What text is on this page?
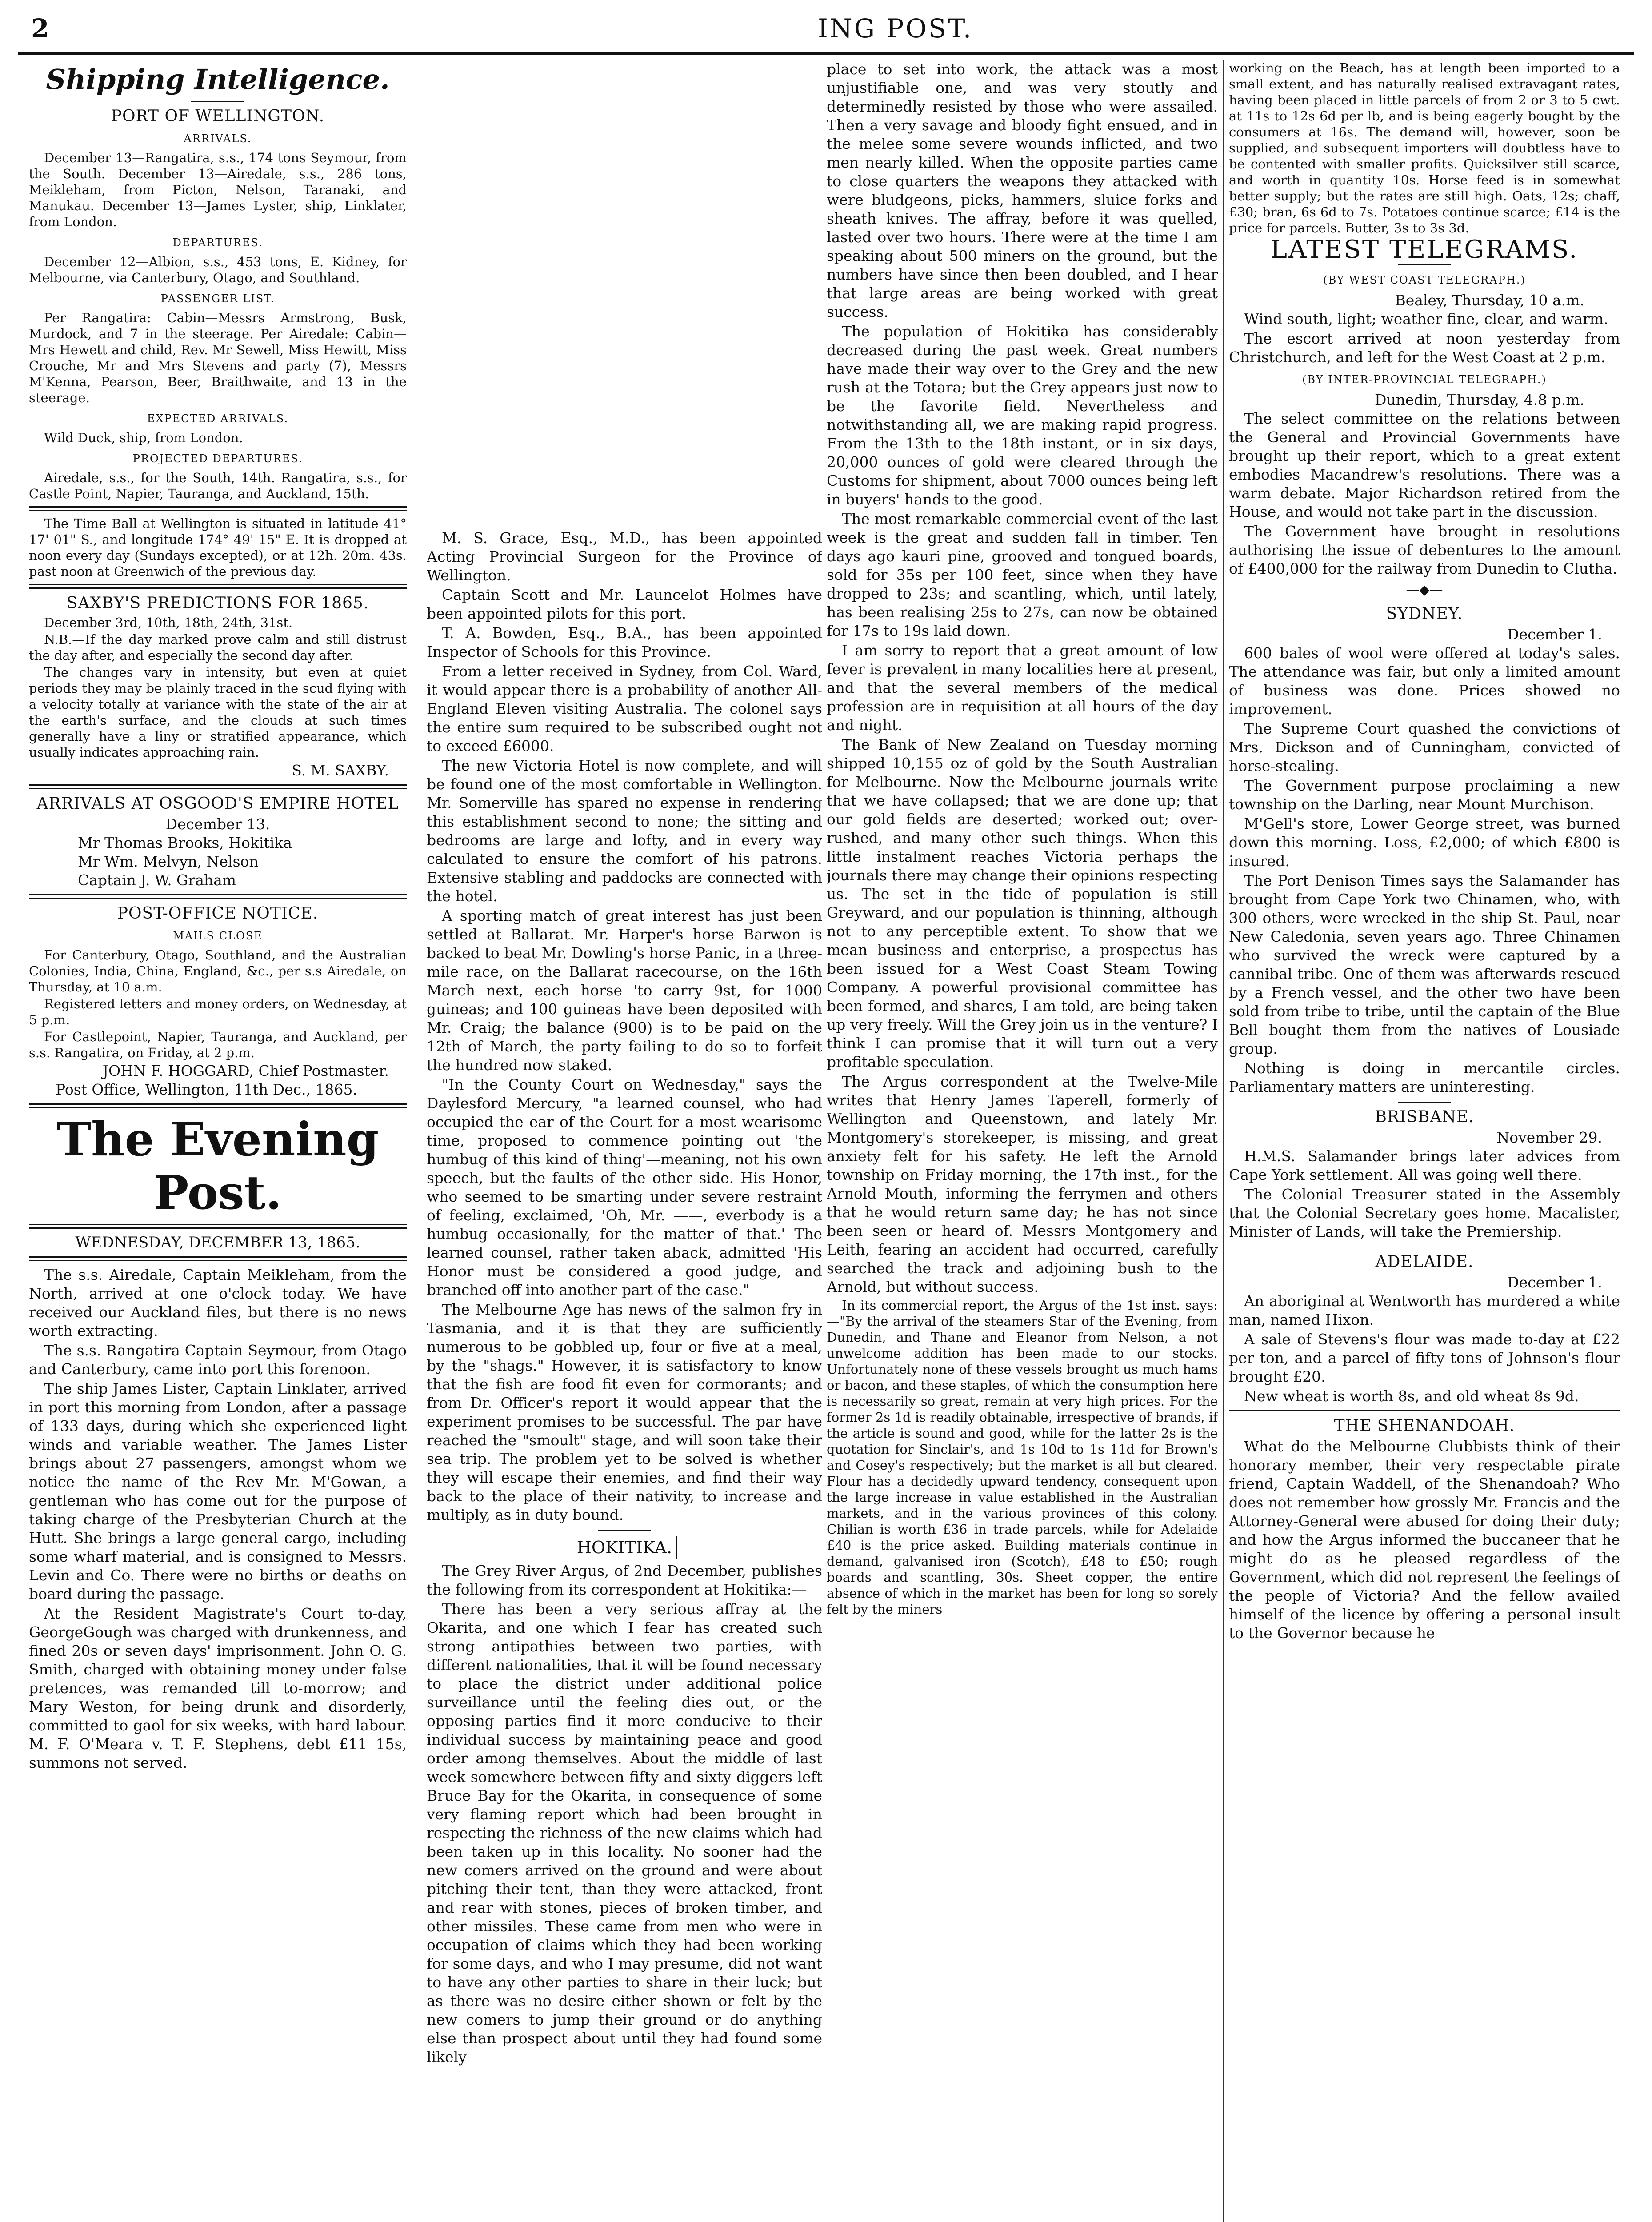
2	ING POST.
Shipping Intelligence.
PORT OF WELLINGTON.
ARRIVALS.

December 13—Rangatira, s.s., 174 tons Seymour, from the South. December 13—Airedale, s.s., 286 tons, Meikleham, from Picton, Nelson, Taranaki, and Manukau. December 13—James Lyster, ship, Linklater, from London.

DEPARTURES.

December 12—Albion, s.s., 453 tons, E. Kidney, for Melbourne, via Canterbury, Otago, and Southland.

PASSENGER LIST.

Per Rangatira: Cabin—Messrs Armstrong, Busk, Murdock, and 7 in the steerage. Per Airedale: Cabin—Mrs Hewett and child, Rev. Mr Sewell, Miss Hewitt, Miss Crouche, Mr and Mrs Stevens and party (7), Messrs M'Kenna, Pearson, Beer, Braithwaite, and 13 in the steerage.

EXPECTED ARRIVALS.

Wild Duck, ship, from London.

PROJECTED DEPARTURES.

Airedale, s.s., for the South, 14th. Rangatira, s.s., for Castle Point, Napier, Tauranga, and Auckland, 15th.

The Time Ball at Wellington is situated in latitude 41° 17' 01" S., and longitude 174° 49' 15" E. It is dropped at noon every day (Sundays excepted), or at 12h. 20m. 43s. past noon at Greenwich of the previous day.

SAXBY'S PREDICTIONS FOR 1865.

December 3rd, 10th, 18th, 24th, 31st.

N.B.—If the day marked prove calm and still distrust the day after, and especially the second day after.

The changes vary in intensity, but even at quiet periods they may be plainly traced in the scud flying with a velocity totally at variance with the state of the air at the earth's surface, and the clouds at such times generally have a liny or stratified appearance, which usually indicates approaching rain.

S. M. SAXBY.
ARRIVALS AT OSGOOD'S EMPIRE HOTEL
December 13.
Mr Thomas Brooks, Hokitika
Mr Wm. Melvyn, Nelson
Captain J. W. Graham
POST-OFFICE NOTICE.
MAILS CLOSE

For Canterbury, Otago, Southland, and the Australian Colonies, India, China, England, &c., per s.s Airedale, on Thursday, at 10 a.m.

Registered letters and money orders, on Wednesday, at 5 p.m.

For Castlepoint, Napier, Tauranga, and Auckland, per s.s. Rangatira, on Friday, at 2 p.m.

JOHN F. HOGGARD, Chief Postmaster.
Post Office, Wellington, 11th Dec., 1865.
The Evening Post.
WEDNESDAY, DECEMBER 13, 1865.

The s.s. Airedale, Captain Meikleham, from the North, arrived at one o'clock today. We have received our Auckland files, but there is no news worth extracting.

The s.s. Rangatira Captain Seymour, from Otago and Canterbury, came into port this forenoon.

The ship James Lister, Captain Linklater, arrived in port this morning from London, after a passage of 133 days, during which she experienced light winds and variable weather. The James Lister brings about 27 passengers, amongst whom we notice the name of the Rev Mr. M'Gowan, a gentleman who has come out for the purpose of taking charge of the Presbyterian Church at the Hutt. She brings a large general cargo, including some wharf material, and is consigned to Messrs. Levin and Co. There were no births or deaths on board during the passage.

At the Resident Magistrate's Court to-day, GeorgeGough was charged with drunkenness, and fined 20s or seven days' imprisonment. John O. G. Smith, charged with obtaining money under false pretences, was remanded till to-morrow; and Mary Weston, for being drunk and disorderly, committed to gaol for six weeks, with hard labour. M. F. O'Meara v. T. F. Stephens, debt £11 15s, summons not served.

M. S. Grace, Esq., M.D., has been appointed Acting Provincial Surgeon for the Province of Wellington.

Captain Scott and Mr. Launcelot Holmes have been appointed pilots for this port.

T. A. Bowden, Esq., B.A., has been appointed Inspector of Schools for this Province.

From a letter received in Sydney, from Col. Ward, it would appear there is a probability of another All-England Eleven visiting Australia. The colonel says the entire sum required to be subscribed ought not to exceed £6000.

The new Victoria Hotel is now complete, and will be found one of the most comfortable in Wellington. Mr. Somerville has spared no expense in rendering this establishment second to none; the sitting and bedrooms are large and lofty, and in every way calculated to ensure the comfort of his patrons. Extensive stabling and paddocks are connected with the hotel.

A sporting match of great interest has just been settled at Ballarat. Mr. Harper's horse Barwon is backed to beat Mr. Dowling's horse Panic, in a three-mile race, on the Ballarat racecourse, on the 16th March next, each horse 'to carry 9st, for 1000 guineas; and 100 guineas have been deposited with Mr. Craig; the balance (900) is to be paid on the 12th of March, the party failing to do so to forfeit the hundred now staked.

"In the County Court on Wednesday," says the Daylesford Mercury, "a learned counsel, who had occupied the ear of the Court for a most wearisome time, proposed to commence pointing out 'the humbug of this kind of thing'—meaning, not his own speech, but the faults of the other side. His Honor, who seemed to be smarting under severe restraint of feeling, exclaimed, 'Oh, Mr. ——, everbody is a humbug occasionally, for the matter of that.' The learned counsel, rather taken aback, admitted 'His Honor must be considered a good judge, and branched off into another part of the case."

The Melbourne Age has news of the salmon fry in Tasmania, and it is that they are sufficiently numerous to be gobbled up, four or five at a meal, by the "shags." However, it is satisfactory to know that the fish are food fit even for cormorants; and from Dr. Officer's report it would appear that the experiment promises to be successful. The par have reached the "smoult" stage, and will soon take their sea trip. The problem yet to be solved is whether they will escape their enemies, and find their way back to the place of their nativity, to increase and multiply, as in duty bound.

HOKITIKA.

The Grey River Argus, of 2nd December, publishes the following from its correspondent at Hokitika:—

There has been a very serious affray at the Okarita, and one which I fear has created such strong antipathies between two parties, with different nationalities, that it will be found necessary to place the district under additional police surveillance until the feeling dies out, or the opposing parties find it more conducive to their individual success by maintaining peace and good order among themselves. About the middle of last week somewhere between fifty and sixty diggers left Bruce Bay for the Okarita, in consequence of some very flaming report which had been brought in respecting the richness of the new claims which had been taken up in this locality. No sooner had the new comers arrived on the ground and were about pitching their tent, than they were attacked, front and rear with stones, pieces of broken timber, and other missiles. These came from men who were in occupation of claims which they had been working for some days, and who I may presume, did not want to have any other parties to share in their luck; but as there was no desire either shown or felt by the new comers to jump their ground or do anything else than prospect about until they had found some likely

place to set into work, the attack was a most unjustifiable one, and was very stoutly and determinedly resisted by those who were assailed. Then a very savage and bloody fight ensued, and in the melee some severe wounds inflicted, and two men nearly killed. When the opposite parties came to close quarters the weapons they attacked with were bludgeons, picks, hammers, sluice forks and sheath knives. The affray, before it was quelled, lasted over two hours. There were at the time I am speaking about 500 miners on the ground, but the numbers have since then been doubled, and I hear that large areas are being worked with great success.

The population of Hokitika has considerably decreased during the past week. Great numbers have made their way over to the Grey and the new rush at the Totara; but the Grey appears just now to be the favorite field. Nevertheless and notwithstanding all, we are making rapid progress. From the 13th to the 18th instant, or in six days, 20,000 ounces of gold were cleared through the Customs for shipment, about 7000 ounces being left in buyers' hands to the good.

The most remarkable commercial event of the last week is the great and sudden fall in timber. Ten days ago kauri pine, grooved and tongued boards, sold for 35s per 100 feet, since when they have dropped to 23s; and scantling, which, until lately, has been realising 25s to 27s, can now be obtained for 17s to 19s laid down.

I am sorry to report that a great amount of low fever is prevalent in many localities here at present, and that the several members of the medical profession are in requisition at all hours of the day and night.

The Bank of New Zealand on Tuesday morning shipped 10,155 oz of gold by the South Australian for Melbourne. Now the Melbourne journals write that we have collapsed; that we are done up; that our gold fields are deserted; worked out; over-rushed, and many other such things. When this little instalment reaches Victoria perhaps the journals there may change their opinions respecting us. The set in the tide of population is still Greyward, and our population is thinning, although not to any perceptible extent. To show that we mean business and enterprise, a prospectus has been issued for a West Coast Steam Towing Company. A powerful provisional committee has been formed, and shares, I am told, are being taken up very freely. Will the Grey join us in the venture? I think I can promise that it will turn out a very profitable speculation.

The Argus correspondent at the Twelve-Mile writes that Henry James Taperell, formerly of Wellington and Queenstown, and lately Mr. Montgomery's storekeeper, is missing, and great anxiety felt for his safety. He left the Arnold township on Friday morning, the 17th inst., for the Arnold Mouth, informing the ferrymen and others that he would return same day; he has not since been seen or heard of. Messrs Montgomery and Leith, fearing an accident had occurred, carefully searched the track and adjoining bush to the Arnold, but without success.

In its commercial report, the Argus of the 1st inst. says:—"By the arrival of the steamers Star of the Evening, from Dunedin, and Thane and Eleanor from Nelson, a not unwelcome addition has been made to our stocks. Unfortunately none of these vessels brought us much hams or bacon, and these staples, of which the consumption here is necessarily so great, remain at very high prices. For the former 2s 1d is readily obtainable, irrespective of brands, if the article is sound and good, while for the latter 2s is the quotation for Sinclair's, and 1s 10d to 1s 11d for Brown's and Cosey's respectively; but the market is all but cleared. Flour has a decidedly upward tendency, consequent upon the large increase in value established in the Australian markets, and in the various provinces of this colony. Chilian is worth £36 in trade parcels, while for Adelaide £40 is the price asked. Building materials continue in demand, galvanised iron (Scotch), £48 to £50; rough boards and scantling, 30s. Sheet copper, the entire absence of which in the market has been for long so sorely felt by the miners

working on the Beach, has at length been imported to a small extent, and has naturally realised extravagant rates, having been placed in little parcels of from 2 or 3 to 5 cwt. at 11s to 12s 6d per lb, and is being eagerly bought by the consumers at 16s. The demand will, however, soon be supplied, and subsequent importers will doubtless have to be contented with smaller profits. Quicksilver still scarce, and worth in quantity 10s. Horse feed is in somewhat better supply; but the rates are still high. Oats, 12s; chaff, £30; bran, 6s 6d to 7s. Potatoes continue scarce; £14 is the price for parcels. Butter, 3s to 3s 3d.

LATEST TELEGRAMS.
(BY WEST COAST TELEGRAPH.)
Bealey, Thursday, 10 a.m.

Wind south, light; weather fine, clear, and warm.

The escort arrived at noon yesterday from Christchurch, and left for the West Coast at 2 p.m.

(BY INTER-PROVINCIAL TELEGRAPH.)
Dunedin, Thursday, 4.8 p.m.

The select committee on the relations between the General and Provincial Governments have brought up their report, which to a great extent embodies Macandrew's resolutions. There was a warm debate. Major Richardson retired from the House, and would not take part in the discussion.

The Government have brought in resolutions authorising the issue of debentures to the amount of £400,000 for the railway from Dunedin to Clutha.

—◆—
SYDNEY.
December 1.

600 bales of wool were offered at today's sales. The attendance was fair, but only a limited amount of business was done. Prices showed no improvement.

The Supreme Court quashed the convictions of Mrs. Dickson and of Cunningham, convicted of horse-stealing.

The Government purpose proclaiming a new township on the Darling, near Mount Murchison.

M'Gell's store, Lower George street, was burned down this morning. Loss, £2,000; of which £800 is insured.

The Port Denison Times says the Salamander has brought from Cape York two Chinamen, who, with 300 others, were wrecked in the ship St. Paul, near New Caledonia, seven years ago. Three Chinamen who survived the wreck were captured by a cannibal tribe. One of them was afterwards rescued by a French vessel, and the other two have been sold from tribe to tribe, until the captain of the Blue Bell bought them from the natives of Lousiade group.

Nothing is doing in mercantile circles. Parliamentary matters are uninteresting.

BRISBANE.
November 29.

H.M.S. Salamander brings later advices from Cape York settlement. All was going well there.

The Colonial Treasurer stated in the Assembly that the Colonial Secretary goes home. Macalister, Minister of Lands, will take the Premiership.

ADELAIDE.
December 1.

An aboriginal at Wentworth has murdered a white man, named Hixon.

A sale of Stevens's flour was made to-day at £22 per ton, and a parcel of fifty tons of Johnson's flour brought £20.

New wheat is worth 8s, and old wheat 8s 9d.

THE SHENANDOAH.

What do the Melbourne Clubbists think of their honorary member, their very respectable pirate friend, Captain Waddell, of the Shenandoah? Who does not remember how grossly Mr. Francis and the Attorney-General were abused for doing their duty; and how the Argus informed the buccaneer that he might do as he pleased regardless of the Government, which did not represent the feelings of the people of Victoria? And the fellow availed himself of the licence by offering a personal insult to the Governor because he
